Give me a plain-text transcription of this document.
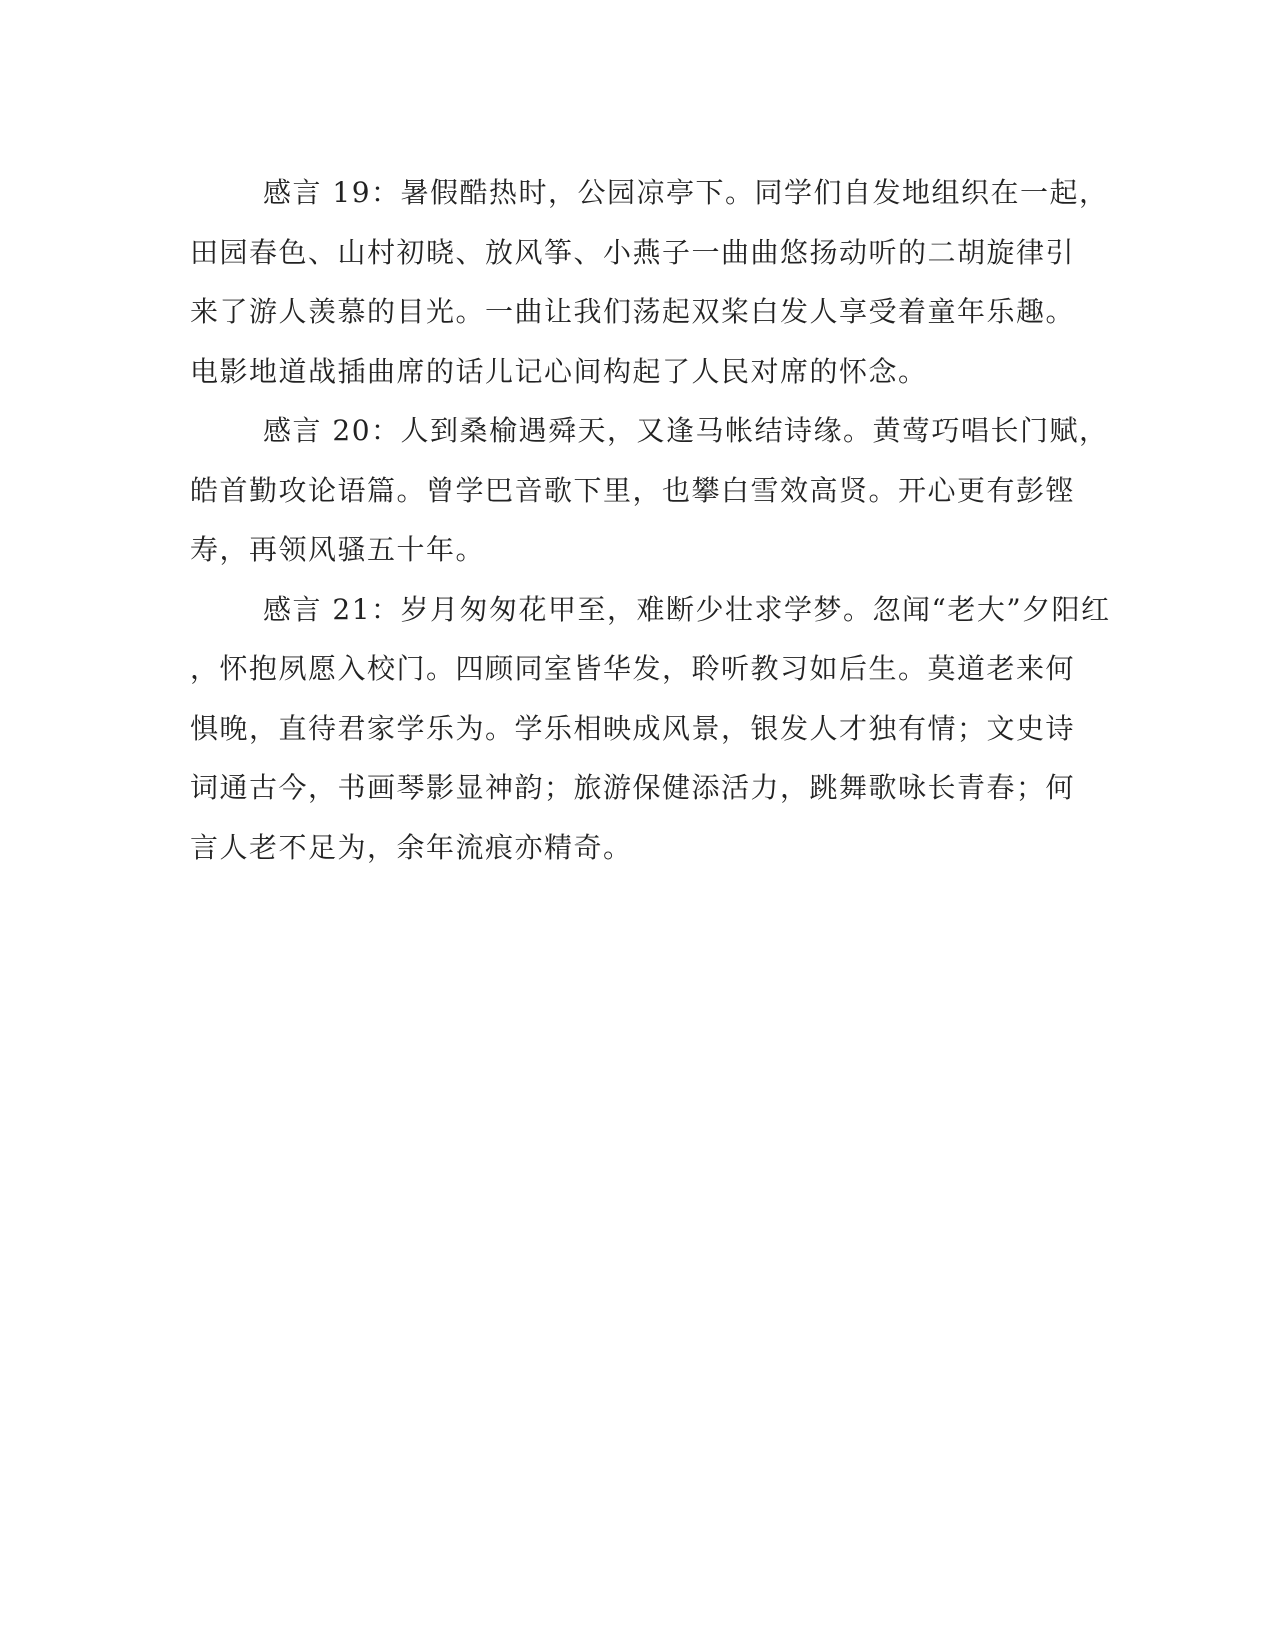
感言 19：暑假酷热时，公园凉亭下。同学们自发地组织在一起，
田园春色、山村初晓、放风筝、小燕子一曲曲悠扬动听的二胡旋律引
来了游人羡慕的目光。一曲让我们荡起双桨白发人享受着童年乐趣。
电影地道战插曲席的话儿记心间构起了人民对席的怀念。
感言 20：人到桑榆遇舜天，又逢马帐结诗缘。黄莺巧唱长门赋，
皓首勤攻论语篇。曾学巴音歌下里，也攀白雪效高贤。开心更有彭铿
寿，再领风骚五十年。
感言 21：岁月匆匆花甲至，难断少壮求学梦。忽闻“老大”夕阳红
，怀抱夙愿入校门。四顾同室皆华发，聆听教习如后生。莫道老来何
惧晚，直待君家学乐为。学乐相映成风景，银发人才独有情；文史诗
词通古今，书画琴影显神韵；旅游保健添活力，跳舞歌咏长青春；何
言人老不足为，余年流痕亦精奇。
